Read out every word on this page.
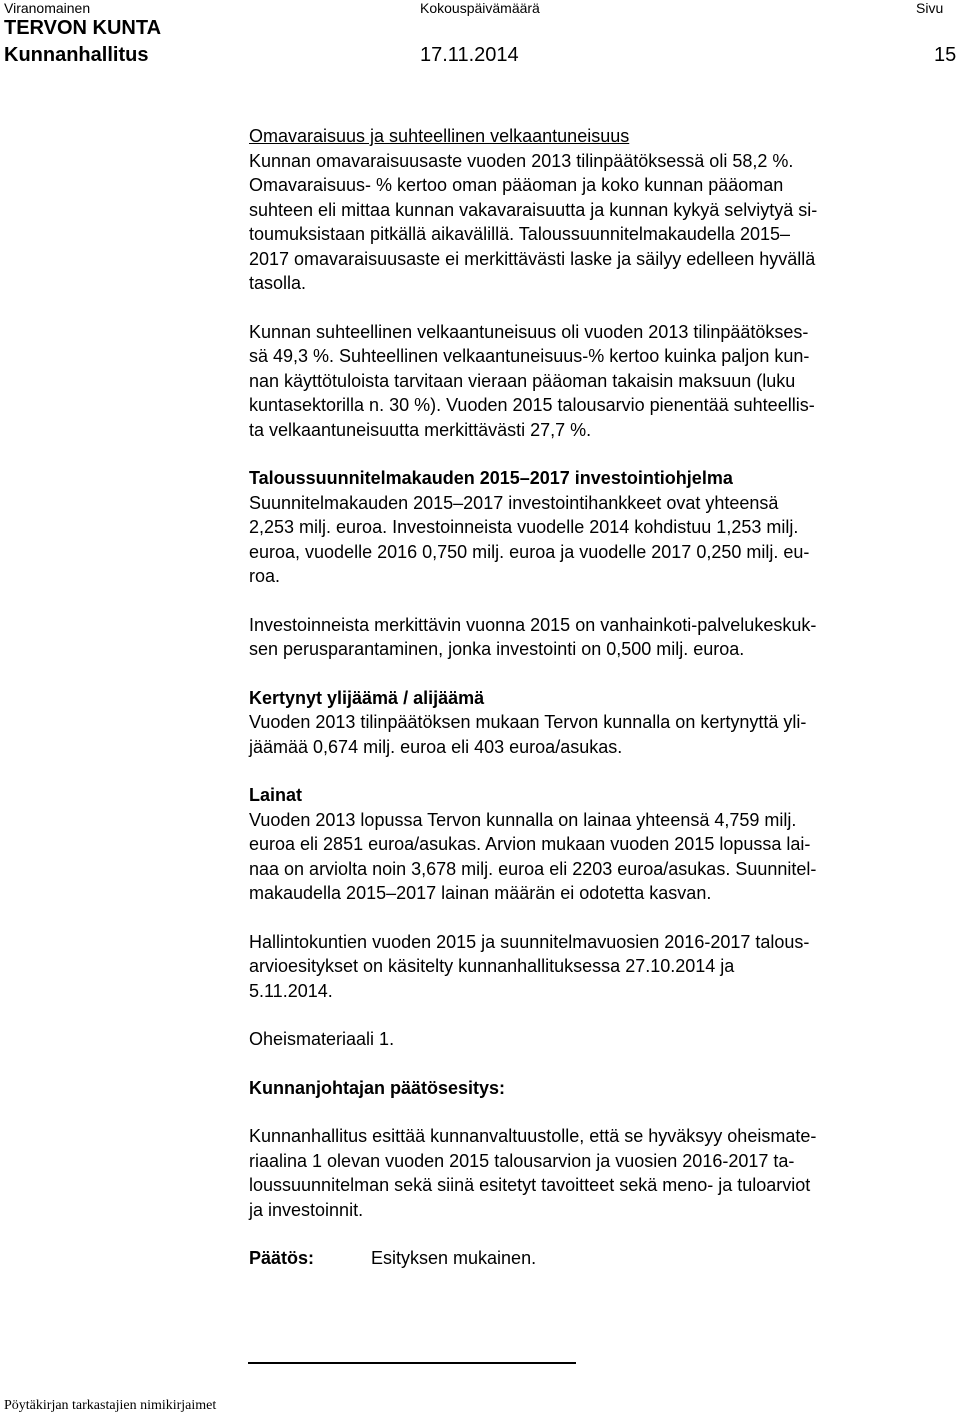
Viranomainen	Kokouspäivämäärä	Sivu
TERVON KUNTA
Kunnanhallitus	17.11.2014	15

Omavaraisuus ja suhteellinen velkaantuneisuus

Kunnan omavaraisuusaste vuoden 2013 tilinpäätöksessä oli 58,2 %.

Omavaraisuus- % kertoo oman pääoman ja koko kunnan pääoman

suhteen eli mittaa kunnan vakavaraisuutta ja kunnan kykyä selviytyä si-

toumuksistaan pitkällä aikavälillä. Taloussuunnitelmakaudella 2015–

2017 omavaraisuusaste ei merkittävästi laske ja säilyy edelleen hyvällä

tasolla.

Kunnan suhteellinen velkaantuneisuus oli vuoden 2013 tilinpäätökses-

sä 49,3 %. Suhteellinen velkaantuneisuus-% kertoo kuinka paljon kun-

nan käyttötuloista tarvitaan vieraan pääoman takaisin maksuun (luku

kuntasektorilla n. 30 %). Vuoden 2015 talousarvio pienentää suhteellis-

ta velkaantuneisuutta merkittävästi 27,7 %.

Taloussuunnitelmakauden 2015–2017 investointiohjelma

Suunnitelmakauden 2015–2017 investointihankkeet ovat yhteensä

2,253 milj. euroa. Investoinneista vuodelle 2014 kohdistuu 1,253 milj.

euroa, vuodelle 2016 0,750 milj. euroa ja vuodelle 2017 0,250 milj. eu-

roa.

Investoinneista merkittävin vuonna 2015 on vanhainkoti-palvelukeskuk-

sen perusparantaminen, jonka investointi on 0,500 milj. euroa.

Kertynyt ylijäämä / alijäämä

Vuoden 2013 tilinpäätöksen mukaan Tervon kunnalla on kertynyttä yli-

jäämää 0,674 milj. euroa eli 403 euroa/asukas.

Lainat

Vuoden 2013 lopussa Tervon kunnalla on lainaa yhteensä 4,759 milj.

euroa eli 2851 euroa/asukas. Arvion mukaan vuoden 2015 lopussa lai-

naa on arviolta noin 3,678 milj. euroa eli 2203 euroa/asukas. Suunnitel-

makaudella 2015–2017 lainan määrän ei odotetta kasvan.

Hallintokuntien vuoden 2015 ja suunnitelmavuosien 2016-2017 talous-

arvioesitykset on käsitelty kunnanhallituksessa 27.10.2014 ja

5.11.2014.

Oheismateriaali 1.

Kunnanjohtajan päätösesitys:

Kunnanhallitus esittää kunnanvaltuustolle, että se hyväksyy oheismate-

riaalina 1 olevan vuoden 2015 talousarvion ja vuosien 2016-2017 ta-

loussuunnitelman sekä siinä esitetyt tavoitteet sekä meno- ja tuloarviot

ja investoinnit.

Päätös:	Esityksen mukainen.

Pöytäkirjan tarkastajien nimikirjaimet
